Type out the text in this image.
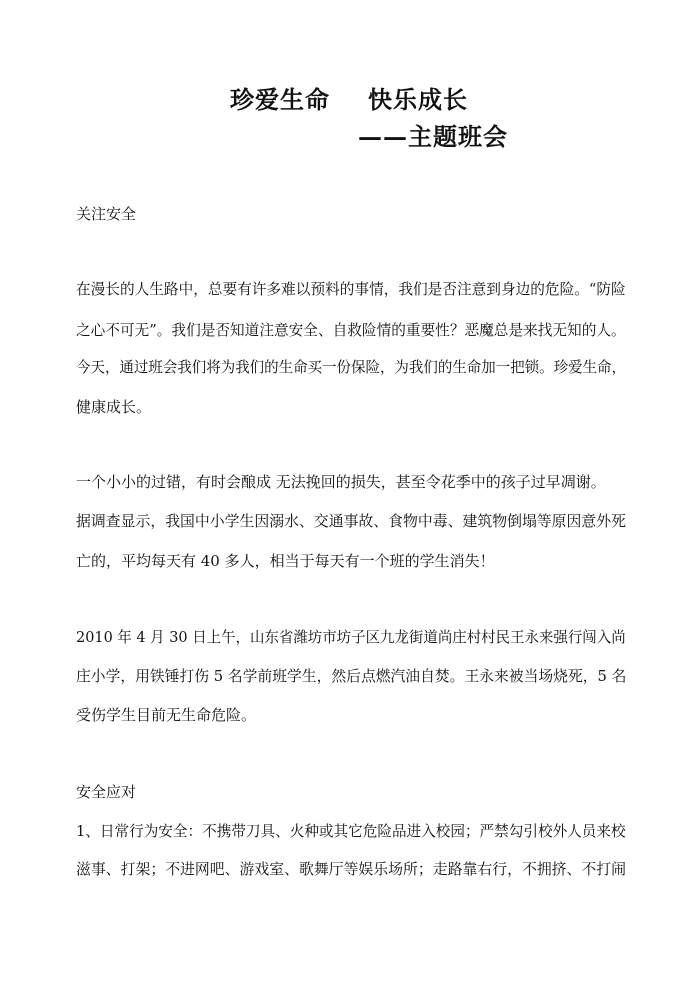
珍爱生命 快乐成长
——主题班会
关注安全
在漫长的人生路中，总要有许多难以预料的事情，我们是否注意到身边的危险。“防险
之心不可无”。我们是否知道注意安全、自救险情的重要性？恶魔总是来找无知的人。
今天，通过班会我们将为我们的生命买一份保险，为我们的生命加一把锁。珍爱生命，
健康成长。
一个小小的过错，有时会酿成 无法挽回的损失，甚至令花季中的孩子过早凋谢。
据调查显示，我国中小学生因溺水、交通事故、食物中毒、建筑物倒塌等原因意外死
亡的，平均每天有 40 多人，相当于每天有一个班的学生消失！
2010 年 4 月 30 日上午，山东省潍坊市坊子区九龙街道尚庄村村民王永来强行闯入尚
庄小学，用铁锤打伤 5 名学前班学生，然后点燃汽油自焚。王永来被当场烧死，5 名
受伤学生目前无生命危险。
安全应对
1、日常行为安全：不携带刀具、火种或其它危险品进入校园；严禁勾引校外人员来校
滋事、打架；不进网吧、游戏室、歌舞厅等娱乐场所；走路靠右行，不拥挤、不打闹
